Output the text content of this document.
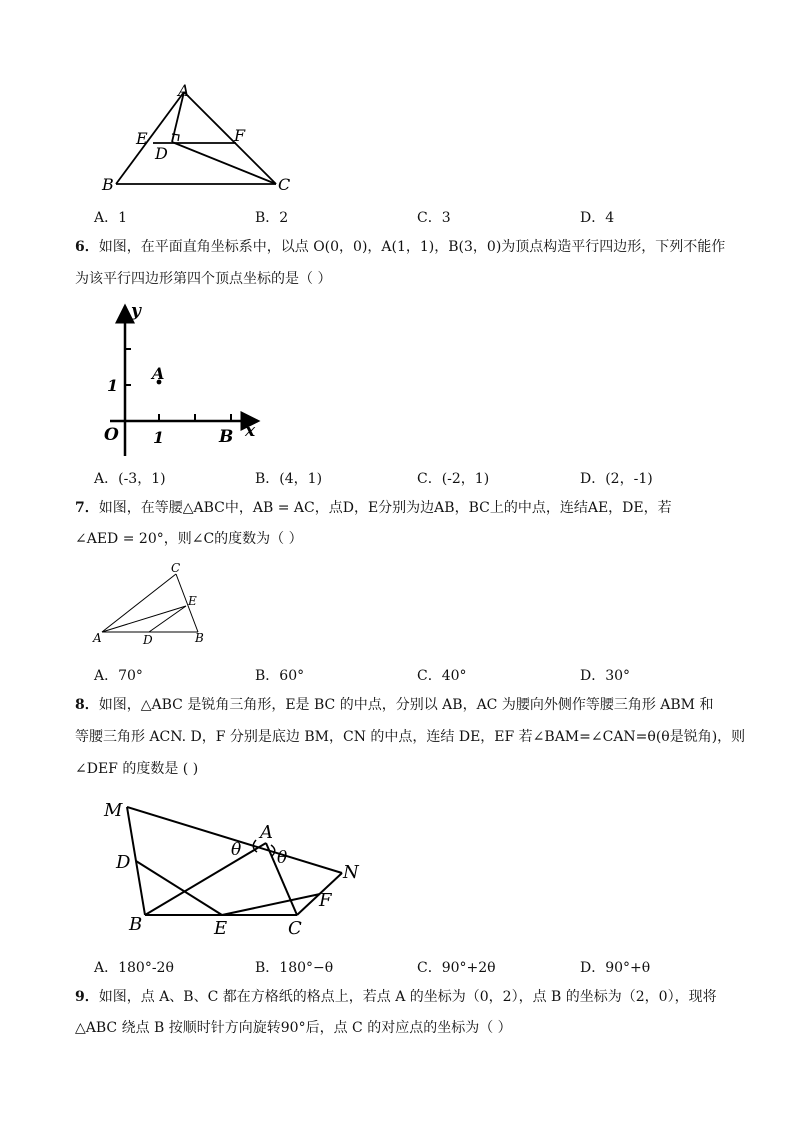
A
E	F
D
B	C
A．1	B．2	C．3	D．4
6．如图，在平面直角坐标系中，以点 O(0，0)，A(1，1)，B(3，0)为顶点构造平行四边形，下列不能作
为该平行四边形第四个顶点坐标的是（ ）
y
x
1
1
A
B
O
A．(-3，1)	B．(4，1)	C．(-2，1)	D．(2，-1)
7．如图，在等腰△ABC中，AB = AC，点D，E分别为边AB，BC上的中点，连结AE，DE，若
∠AED = 20°，则∠C的度数为（ ）
C
E
A	D	B
A．70°	B．60°	C．40°	D．30°
8．如图，△ABC 是锐角三角形，E是 BC 的中点，分别以 AB，AC 为腰向外侧作等腰三角形 ABM 和
等腰三角形 ACN. D，F 分别是底边 BM，CN 的中点，连结 DE，EF 若∠BAM=∠CAN=θ(θ是锐角)，则
∠DEF 的度数是 ( )
M
A
θ θ
N
D
F
B	E	C
A．180°-2θ	B．180°−θ	C．90°+2θ	D．90°+θ
9．如图，点 A、B、C 都在方格纸的格点上，若点 A 的坐标为（0，2），点 B 的坐标为（2，0），现将
△ABC 绕点 B 按顺时针方向旋转90°后，点 C 的对应点的坐标为（ ）
